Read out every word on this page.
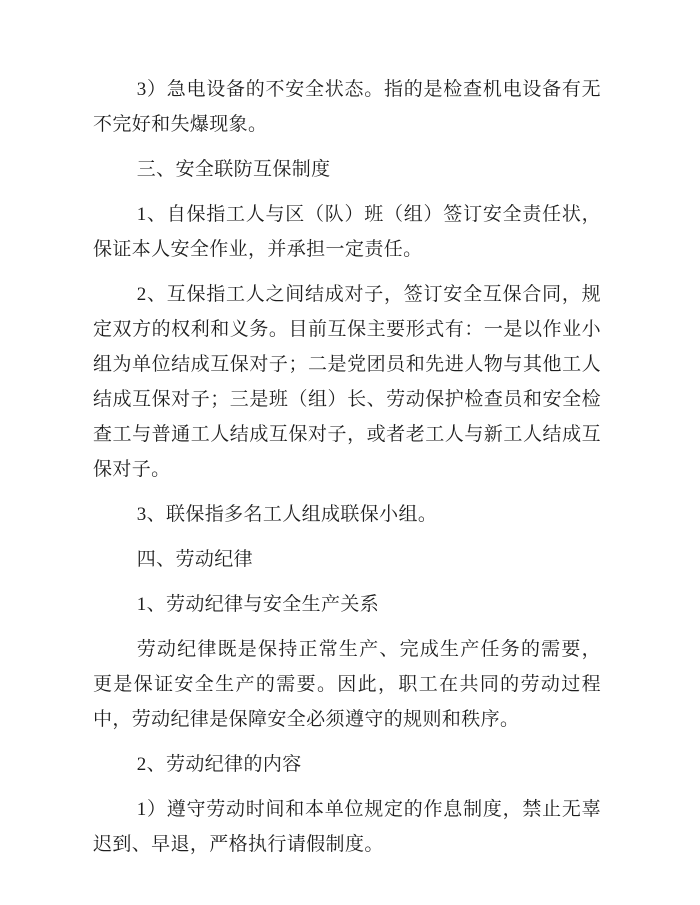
3）急电设备的不安全状态。指的是检查机电设备有无不完好和失爆现象。

三、安全联防互保制度

1、自保指工人与区（队）班（组）签订安全责任状，保证本人安全作业，并承担一定责任。

2、互保指工人之间结成对子，签订安全互保合同，规定双方的权利和义务。目前互保主要形式有：一是以作业小组为单位结成互保对子；二是党团员和先进人物与其他工人结成互保对子；三是班（组）长、劳动保护检查员和安全检查工与普通工人结成互保对子，或者老工人与新工人结成互保对子。

3、联保指多名工人组成联保小组。

四、劳动纪律

1、劳动纪律与安全生产关系

劳动纪律既是保持正常生产、完成生产任务的需要，更是保证安全生产的需要。因此，职工在共同的劳动过程中，劳动纪律是保障安全必须遵守的规则和秩序。

2、劳动纪律的内容

1）遵守劳动时间和本单位规定的作息制度，禁止无辜迟到、早退，严格执行请假制度。
